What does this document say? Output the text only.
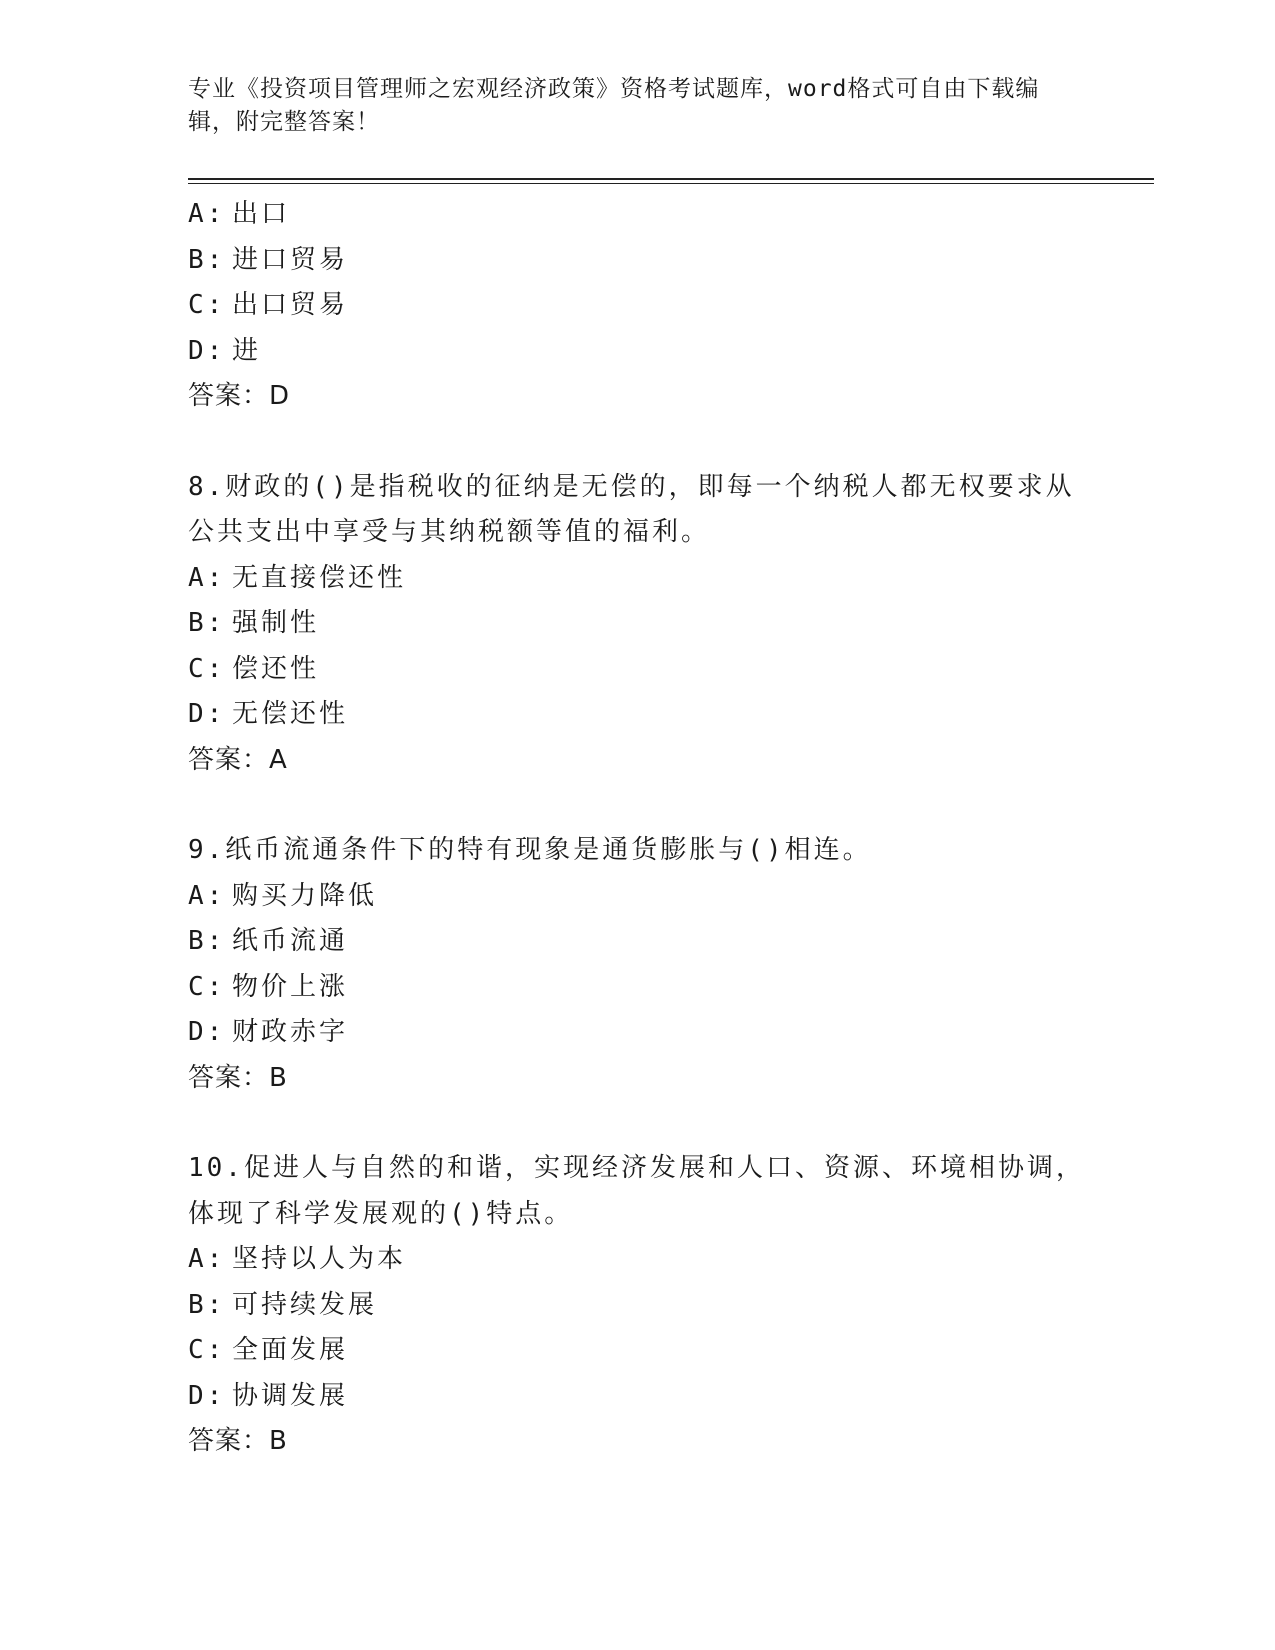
专业《投资项目管理师之宏观经济政策》资格考试题库，word格式可自由下载编
辑，附完整答案！
A: 出口
B: 进口贸易
C: 出口贸易
D: 进
答案：D
8.财政的()是指税收的征纳是无偿的，即每一个纳税人都无权要求从
公共支出中享受与其纳税额等值的福利。
A: 无直接偿还性
B: 强制性
C: 偿还性
D: 无偿还性
答案：A
9.纸币流通条件下的特有现象是通货膨胀与()相连。
A: 购买力降低
B: 纸币流通
C: 物价上涨
D: 财政赤字
答案：B
10.促进人与自然的和谐，实现经济发展和人口、资源、环境相协调，
体现了科学发展观的()特点。
A: 坚持以人为本
B: 可持续发展
C: 全面发展
D: 协调发展
答案：B
